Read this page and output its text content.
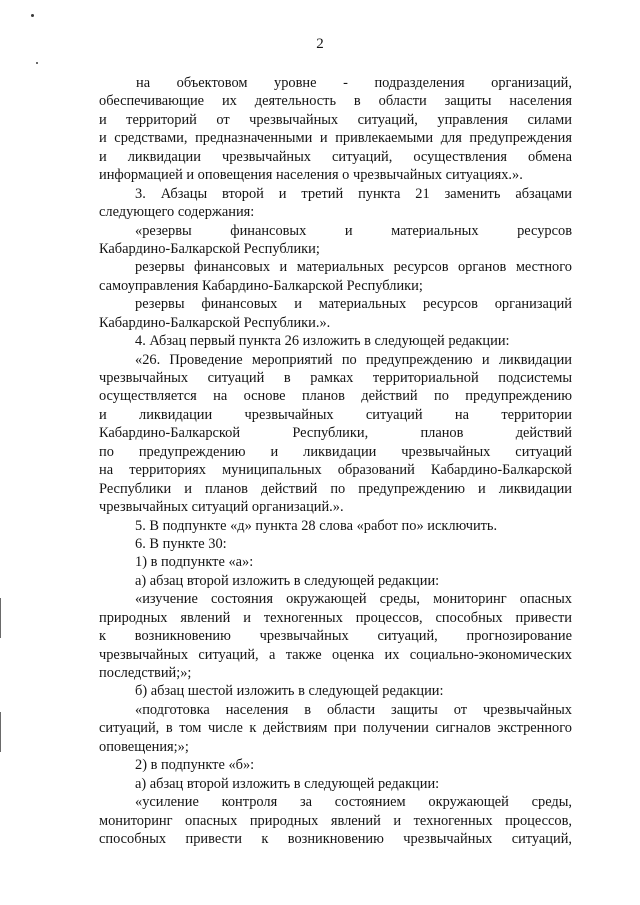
2
на объектовом уровне - подразделения организаций,
обеспечивающие их деятельность в области защиты населения
и территорий от чрезвычайных ситуаций, управления силами
и средствами, предназначенными и привлекаемыми для предупреждения
и ликвидации чрезвычайных ситуаций, осуществления обмена
информацией и оповещения населения о чрезвычайных ситуациях.».
3. Абзацы второй и третий пункта 21 заменить абзацами
следующего содержания:
«резервы финансовых и материальных ресурсов
Кабардино-Балкарской Республики;
резервы финансовых и материальных ресурсов органов местного
самоуправления Кабардино-Балкарской Республики;
резервы финансовых и материальных ресурсов организаций
Кабардино-Балкарской Республики.».
4. Абзац первый пункта 26 изложить в следующей редакции:
«26. Проведение мероприятий по предупреждению и ликвидации
чрезвычайных ситуаций в рамках территориальной подсистемы
осуществляется на основе планов действий по предупреждению
и ликвидации чрезвычайных ситуаций на территории
Кабардино-Балкарской Республики, планов действий
по предупреждению и ликвидации чрезвычайных ситуаций
на территориях муниципальных образований Кабардино-Балкарской
Республики и планов действий по предупреждению и ликвидации
чрезвычайных ситуаций организаций.».
5. В подпункте «д» пункта 28 слова «работ по» исключить.
6. В пункте 30:
1) в подпункте «а»:
а) абзац второй изложить в следующей редакции:
«изучение состояния окружающей среды, мониторинг опасных
природных явлений и техногенных процессов, способных привести
к возникновению чрезвычайных ситуаций, прогнозирование
чрезвычайных ситуаций, а также оценка их социально-экономических
последствий;»;
б) абзац шестой изложить в следующей редакции:
«подготовка населения в области защиты от чрезвычайных
ситуаций, в том числе к действиям при получении сигналов экстренного
оповещения;»;
2) в подпункте «б»:
а) абзац второй изложить в следующей редакции:
«усиление контроля за состоянием окружающей среды,
мониторинг опасных природных явлений и техногенных процессов,
способных привести к возникновению чрезвычайных ситуаций,
